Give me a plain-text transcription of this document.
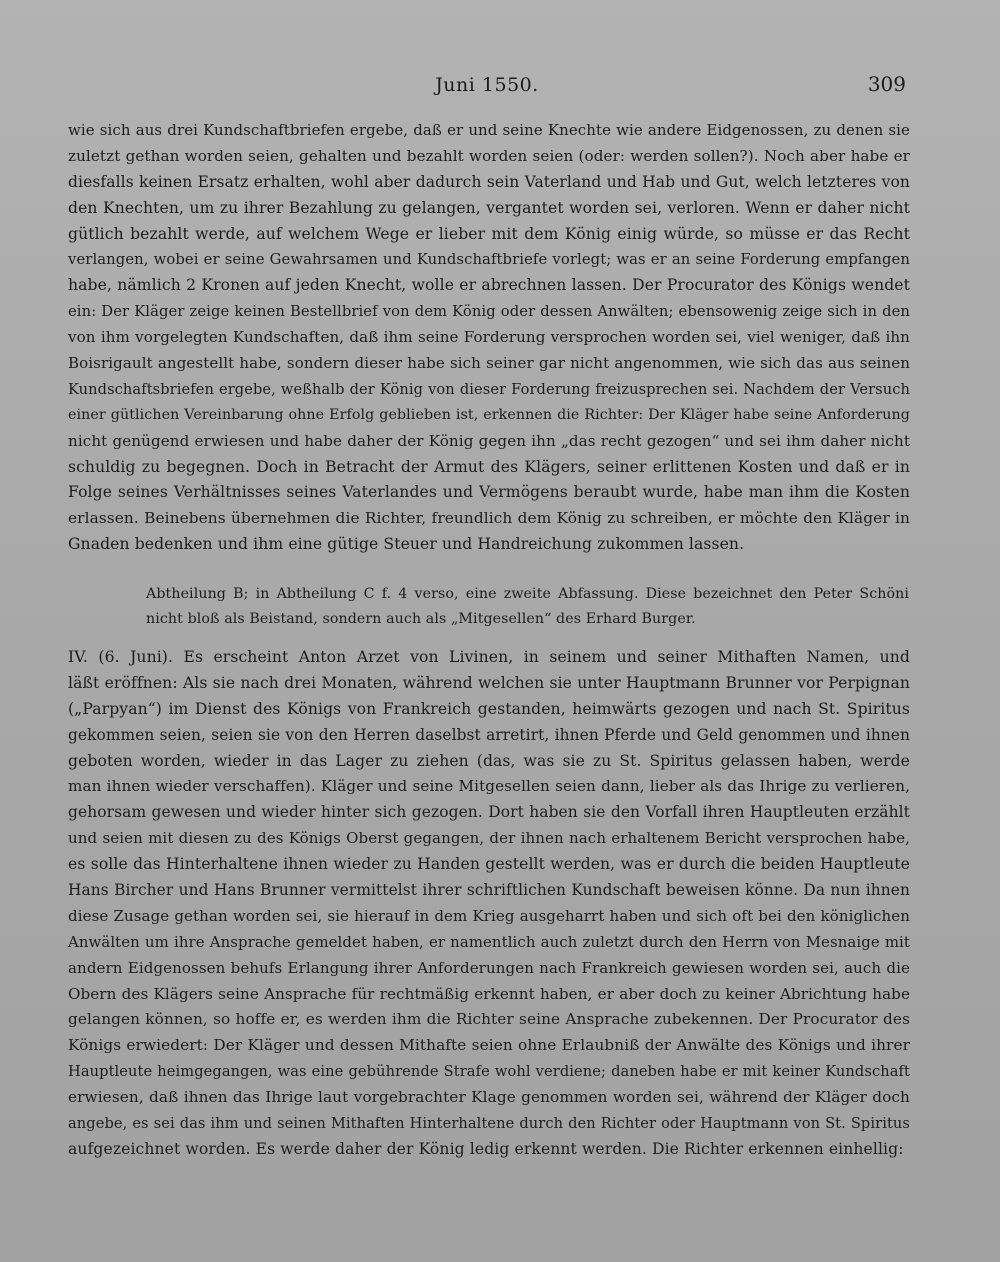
Juni 1550.	309
wie sich aus drei Kundschaftbriefen ergebe, daß er und seine Knechte wie andere Eidgenossen, zu denen sie
zuletzt gethan worden seien, gehalten und bezahlt worden seien (oder: werden sollen?). Noch aber habe er
diesfalls keinen Ersatz erhalten, wohl aber dadurch sein Vaterland und Hab und Gut, welch letzteres von
den Knechten, um zu ihrer Bezahlung zu gelangen, vergantet worden sei, verloren. Wenn er daher nicht
gütlich bezahlt werde, auf welchem Wege er lieber mit dem König einig würde, so müsse er das Recht
verlangen, wobei er seine Gewahrsamen und Kundschaftbriefe vorlegt; was er an seine Forderung empfangen
habe, nämlich 2 Kronen auf jeden Knecht, wolle er abrechnen lassen. Der Procurator des Königs wendet
ein: Der Kläger zeige keinen Bestellbrief von dem König oder dessen Anwälten; ebensowenig zeige sich in den
von ihm vorgelegten Kundschaften, daß ihm seine Forderung versprochen worden sei, viel weniger, daß ihn
Boisrigault angestellt habe, sondern dieser habe sich seiner gar nicht angenommen, wie sich das aus seinen
Kundschaftsbriefen ergebe, weßhalb der König von dieser Forderung freizusprechen sei. Nachdem der Versuch
einer gütlichen Vereinbarung ohne Erfolg geblieben ist, erkennen die Richter: Der Kläger habe seine Anforderung
nicht genügend erwiesen und habe daher der König gegen ihn „das recht gezogen“ und sei ihm daher nicht
schuldig zu begegnen. Doch in Betracht der Armut des Klägers, seiner erlittenen Kosten und daß er in
Folge seines Verhältnisses seines Vaterlandes und Vermögens beraubt wurde, habe man ihm die Kosten
erlassen. Beinebens übernehmen die Richter, freundlich dem König zu schreiben, er möchte den Kläger in
Gnaden bedenken und ihm eine gütige Steuer und Handreichung zukommen lassen.
Abtheilung B; in Abtheilung C f. 4 verso, eine zweite Abfassung. Diese bezeichnet den Peter Schöni
nicht bloß als Beistand, sondern auch als „Mitgesellen“ des Erhard Burger.
IV. (6. Juni). Es erscheint Anton Arzet von Livinen, in seinem und seiner Mithaften Namen, und
läßt eröffnen: Als sie nach drei Monaten, während welchen sie unter Hauptmann Brunner vor Perpignan
(„Parpyan“) im Dienst des Königs von Frankreich gestanden, heimwärts gezogen und nach St. Spiritus
gekommen seien, seien sie von den Herren daselbst arretirt, ihnen Pferde und Geld genommen und ihnen
geboten worden, wieder in das Lager zu ziehen (das, was sie zu St. Spiritus gelassen haben, werde
man ihnen wieder verschaffen). Kläger und seine Mitgesellen seien dann, lieber als das Ihrige zu verlieren,
gehorsam gewesen und wieder hinter sich gezogen. Dort haben sie den Vorfall ihren Hauptleuten erzählt
und seien mit diesen zu des Königs Oberst gegangen, der ihnen nach erhaltenem Bericht versprochen habe,
es solle das Hinterhaltene ihnen wieder zu Handen gestellt werden, was er durch die beiden Hauptleute
Hans Bircher und Hans Brunner vermittelst ihrer schriftlichen Kundschaft beweisen könne. Da nun ihnen
diese Zusage gethan worden sei, sie hierauf in dem Krieg ausgeharrt haben und sich oft bei den königlichen
Anwälten um ihre Ansprache gemeldet haben, er namentlich auch zuletzt durch den Herrn von Mesnaige mit
andern Eidgenossen behufs Erlangung ihrer Anforderungen nach Frankreich gewiesen worden sei, auch die
Obern des Klägers seine Ansprache für rechtmäßig erkennt haben, er aber doch zu keiner Abrichtung habe
gelangen können, so hoffe er, es werden ihm die Richter seine Ansprache zubekennen. Der Procurator des
Königs erwiedert: Der Kläger und dessen Mithafte seien ohne Erlaubniß der Anwälte des Königs und ihrer
Hauptleute heimgegangen, was eine gebührende Strafe wohl verdiene; daneben habe er mit keiner Kundschaft
erwiesen, daß ihnen das Ihrige laut vorgebrachter Klage genommen worden sei, während der Kläger doch
angebe, es sei das ihm und seinen Mithaften Hinterhaltene durch den Richter oder Hauptmann von St. Spiritus
aufgezeichnet worden. Es werde daher der König ledig erkennt werden. Die Richter erkennen einhellig:
